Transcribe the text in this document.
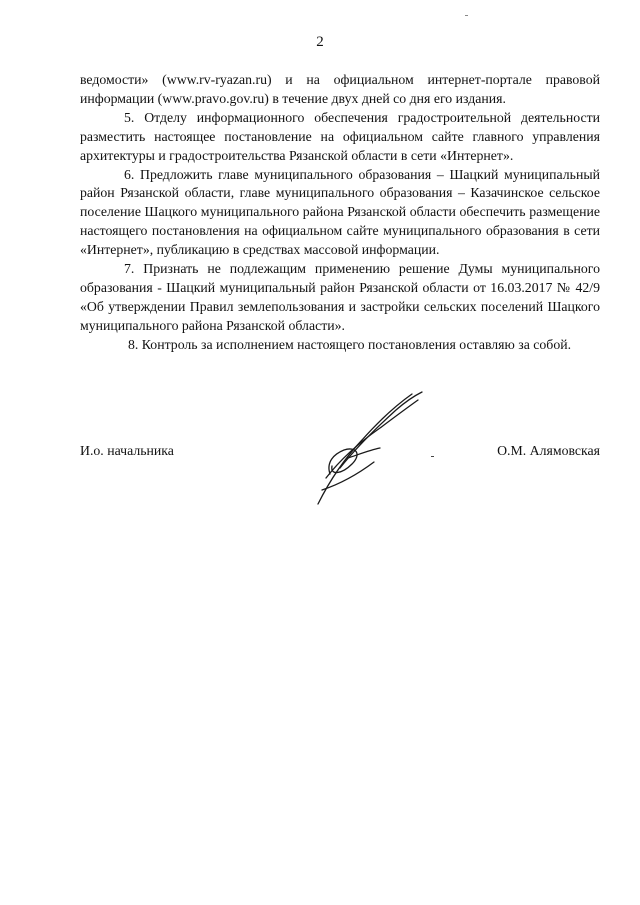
2

ведомости» (www.rv-ryazan.ru) и на официальном интернет-портале правовой информации (www.pravo.gov.ru) в течение двух дней со дня его издания.

5. Отделу информационного обеспечения градостроительной деятельности разместить настоящее постановление на официальном сайте главного управления архитектуры и градостроительства Рязанской области в сети «Интернет».

6. Предложить главе муниципального образования – Шацкий муниципальный район Рязанской области, главе муниципального образования – Казачинское сельское поселение Шацкого муниципального района Рязанской области обеспечить размещение настоящего постановления на официальном сайте муниципального образования в сети «Интернет», публикацию в средствах массовой информации.

7. Признать не подлежащим применению решение Думы муниципального образования - Шацкий муниципальный район Рязанской области от 16.03.2017 № 42/9 «Об утверждении Правил землепользования и застройки сельских поселений Шацкого муниципального района Рязанской области».

8. Контроль за исполнением настоящего постановления оставляю за собой.

И.о. начальника	О.М. Алямовская
